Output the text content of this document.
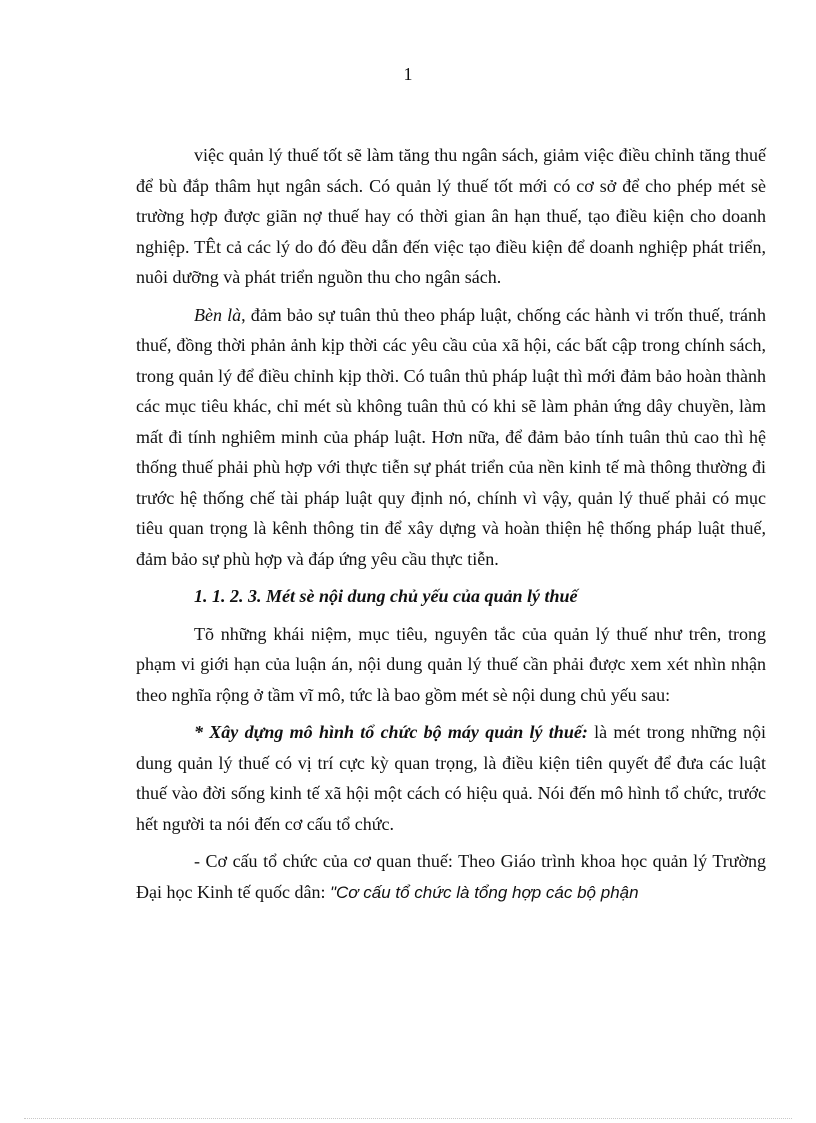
1

việc quản lý thuế tốt sẽ làm tăng thu ngân sách, giảm việc điều chỉnh tăng thuế để bù đắp thâm hụt ngân sách. Có quản lý thuế tốt mới có cơ sở để cho phép mét sè trường hợp được giãn nợ thuế hay có thời gian ân hạn thuế, tạo điều kiện cho doanh nghiệp. TÊt cả các lý do đó đều dẫn đến việc tạo điều kiện để doanh nghiệp phát triển, nuôi dưỡng và phát triển nguồn thu cho ngân sách.

Bèn là, đảm bảo sự tuân thủ theo pháp luật, chống các hành vi trốn thuế, tránh thuế, đồng thời phản ảnh kịp thời các yêu cầu của xã hội, các bất cập trong chính sách, trong quản lý để điều chỉnh kịp thời. Có tuân thủ pháp luật thì mới đảm bảo hoàn thành các mục tiêu khác, chỉ mét sù không tuân thủ có khi sẽ làm phản ứng dây chuyền, làm mất đi tính nghiêm minh của pháp luật. Hơn nữa, để đảm bảo tính tuân thủ cao thì hệ thống thuế phải phù hợp với thực tiễn sự phát triển của nền kinh tế mà thông thường đi trước hệ thống chế tài pháp luật quy định nó, chính vì vậy, quản lý thuế phải có mục tiêu quan trọng là kênh thông tin để xây dựng và hoàn thiện hệ thống pháp luật thuế, đảm bảo sự phù hợp và đáp ứng yêu cầu thực tiễn.

1. 1. 2. 3. Mét sè nội dung chủ yếu của quản lý thuế

Tõ những khái niệm, mục tiêu, nguyên tắc của quản lý thuế như trên, trong phạm vi giới hạn của luận án, nội dung quản lý thuế cần phải được xem xét nhìn nhận theo nghĩa rộng ở tầm vĩ mô, tức là bao gồm mét sè nội dung chủ yếu sau:

* Xây dựng mô hình tổ chức bộ máy quản lý thuế: là mét trong những nội dung quản lý thuế có vị trí cực kỳ quan trọng, là điều kiện tiên quyết để đưa các luật thuế vào đời sống kinh tế xã hội một cách có hiệu quả. Nói đến mô hình tổ chức, trước hết người ta nói đến cơ cấu tổ chức.

- Cơ cấu tổ chức của cơ quan thuế: Theo Giáo trình khoa học quản lý Trường Đại học Kinh tế quốc dân: "Cơ cấu tổ chức là tổng hợp các bộ phận
